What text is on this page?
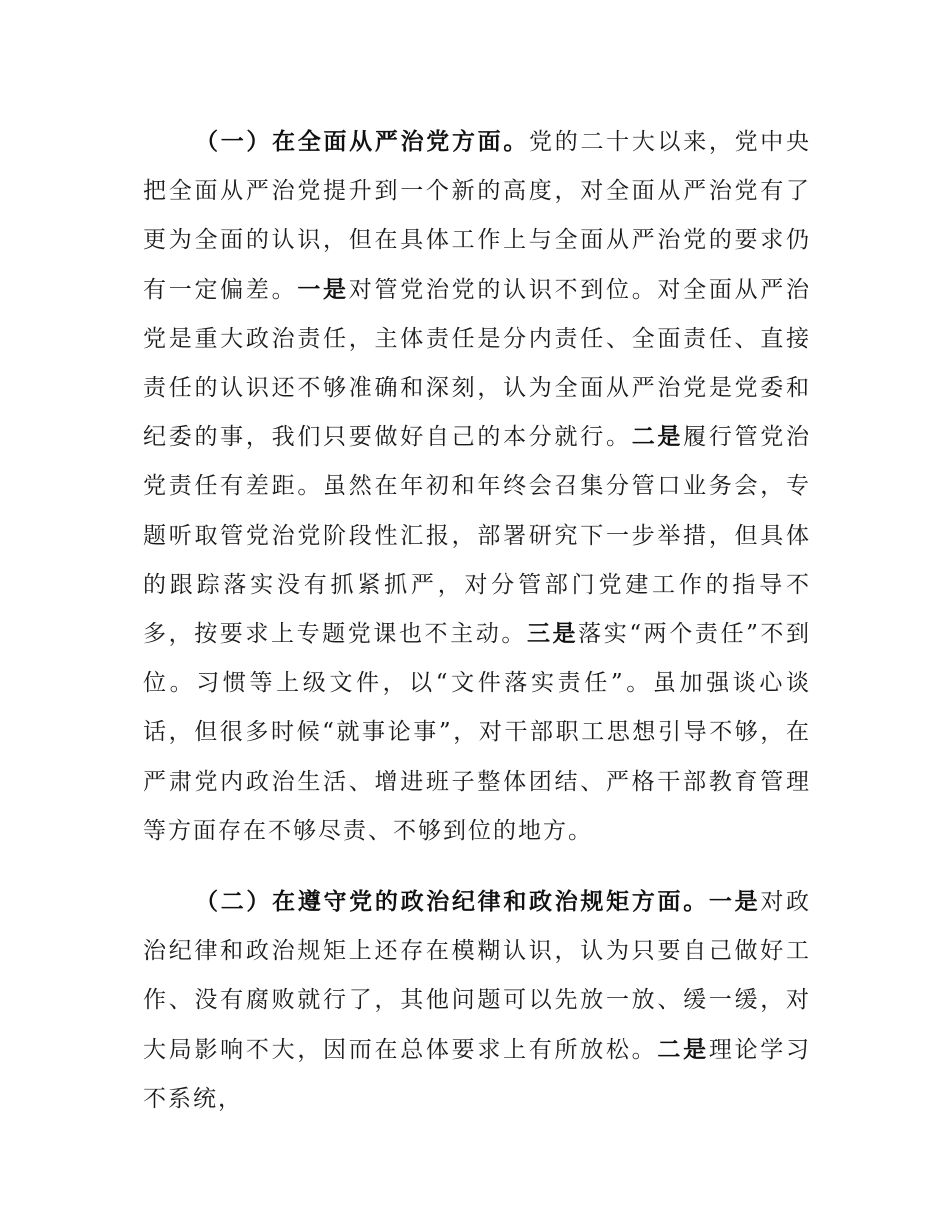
（一）在全面从严治党方面。党的二十大以来，党中央把全面从严治党提升到一个新的高度，对全面从严治党有了更为全面的认识，但在具体工作上与全面从严治党的要求仍有一定偏差。一是对管党治党的认识不到位。对全面从严治党是重大政治责任，主体责任是分内责任、全面责任、直接责任的认识还不够准确和深刻，认为全面从严治党是党委和纪委的事，我们只要做好自己的本分就行。二是履行管党治党责任有差距。虽然在年初和年终会召集分管口业务会，专题听取管党治党阶段性汇报，部署研究下一步举措，但具体的跟踪落实没有抓紧抓严，对分管部门党建工作的指导不多，按要求上专题党课也不主动。三是落实“两个责任”不到位。习惯等上级文件，以“文件落实责任”。虽加强谈心谈话，但很多时候“就事论事”，对干部职工思想引导不够，在严肃党内政治生活、增进班子整体团结、严格干部教育管理等方面存在不够尽责、不够到位的地方。

（二）在遵守党的政治纪律和政治规矩方面。一是对政治纪律和政治规矩上还存在模糊认识，认为只要自己做好工作、没有腐败就行了，其他问题可以先放一放、缓一缓，对大局影响不大，因而在总体要求上有所放松。二是理论学习不系统，
